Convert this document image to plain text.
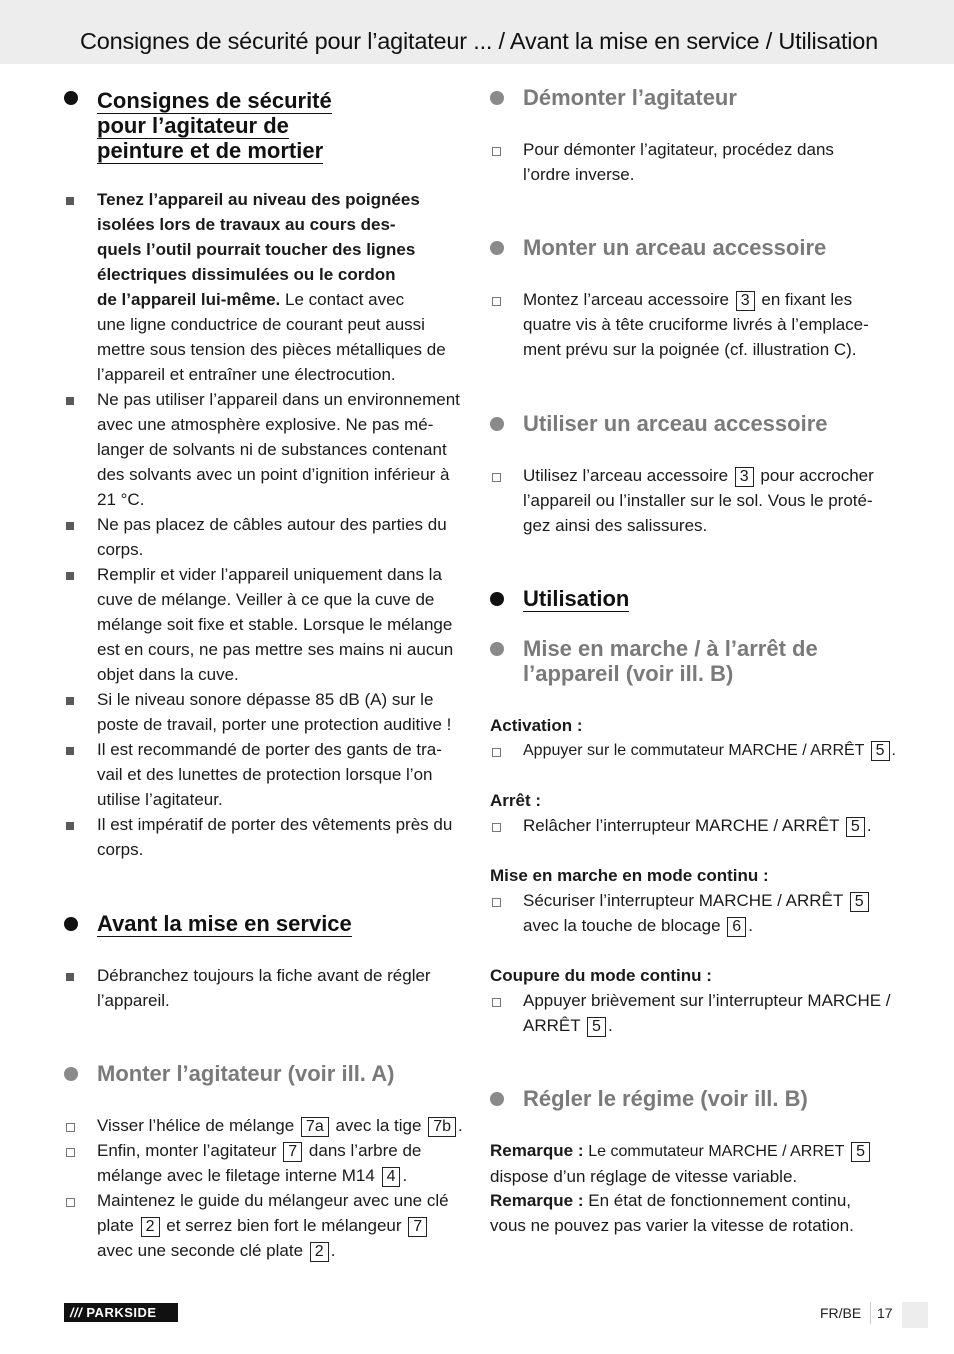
Consignes de sécurité pour l’agitateur ... / Avant la mise en service / Utilisation
Consignes de sécurité
pour l’agitateur de
peinture et de mortier
Tenez l’appareil au niveau des poignées
isolées lors de travaux au cours des-
quels l’outil pourrait toucher des lignes
électriques dissimulées ou le cordon
de l’appareil lui-même. Le contact avec
une ligne conductrice de courant peut aussi
mettre sous tension des pièces métalliques de
l’appareil et entraîner une électrocution.
Ne pas utiliser l’appareil dans un environnement
avec une atmosphère explosive. Ne pas mé-
langer de solvants ni de substances contenant
des solvants avec un point d’ignition inférieur à
21 °C.
Ne pas placez de câbles autour des parties du
corps.
Remplir et vider l’appareil uniquement dans la
cuve de mélange. Veiller à ce que la cuve de
mélange soit fixe et stable. Lorsque le mélange
est en cours, ne pas mettre ses mains ni aucun
objet dans la cuve.
Si le niveau sonore dépasse 85 dB (A) sur le
poste de travail, porter une protection auditive !
Il est recommandé de porter des gants de tra-
vail et des lunettes de protection lorsque l’on
utilise l’agitateur.
Il est impératif de porter des vêtements près du
corps.
Avant la mise en service
Débranchez toujours la fiche avant de régler
l’appareil.
Monter l’agitateur (voir ill. A)
Visser l’hélice de mélange 7a avec la tige 7b .
Enfin, monter l’agitateur 7 dans l’arbre de
mélange avec le filetage interne M14 4 .
Maintenez le guide du mélangeur avec une clé
plate 2 et serrez bien fort le mélangeur 7
avec une seconde clé plate 2 .
Démonter l’agitateur
Pour démonter l’agitateur, procédez dans
l’ordre inverse.
Monter un arceau accessoire
Montez l’arceau accessoire 3 en fixant les
quatre vis à tête cruciforme livrés à l’emplace-
ment prévu sur la poignée (cf. illustration C).
Utiliser un arceau accessoire
Utilisez l’arceau accessoire 3 pour accrocher
l’appareil ou l’installer sur le sol. Vous le proté-
gez ainsi des salissures.
Utilisation
Mise en marche / à l’arrêt de
l’appareil (voir ill. B)
Activation :
Appuyer sur le commutateur MARCHE / ARRÊT 5 .
Arrêt :
Relâcher l’interrupteur MARCHE / ARRÊT 5 .
Mise en marche en mode continu :
Sécuriser l’interrupteur MARCHE / ARRÊT 5
avec la touche de blocage 6 .
Coupure du mode continu :
Appuyer brièvement sur l’interrupteur MARCHE /
ARRÊT 5 .
Régler le régime (voir ill. B)
Remarque : Le commutateur MARCHE / ARRET 5
dispose d’un réglage de vitesse variable.
Remarque : En état de fonctionnement continu,
vous ne pouvez pas varier la vitesse de rotation.
/// PARKSIDE	FR/BE 17
